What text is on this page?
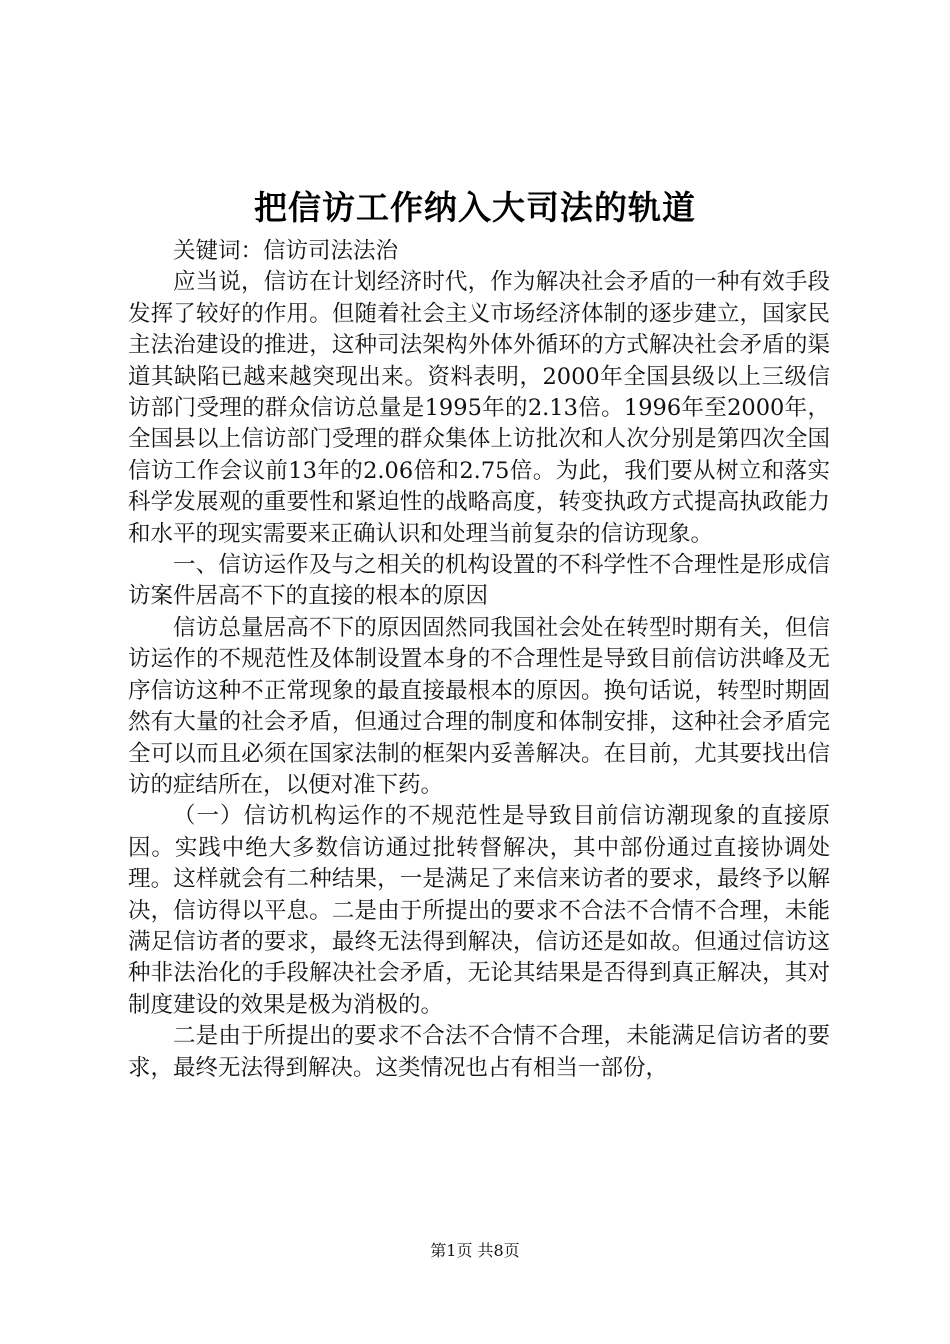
把信访工作纳入大司法的轨道

关键词：信访司法法治

应当说，信访在计划经济时代，作为解决社会矛盾的一种有效手段发挥了较好的作用。但随着社会主义市场经济体制的逐步建立，国家民主法治建设的推进，这种司法架构外体外循环的方式解决社会矛盾的渠道其缺陷已越来越突现出来。资料表明，2000年全国县级以上三级信访部门受理的群众信访总量是1995年的2.13倍。1996年至2000年，全国县以上信访部门受理的群众集体上访批次和人次分别是第四次全国信访工作会议前13年的2.06倍和2.75倍。为此，我们要从树立和落实科学发展观的重要性和紧迫性的战略高度，转变执政方式提高执政能力和水平的现实需要来正确认识和处理当前复杂的信访现象。

一、信访运作及与之相关的机构设置的不科学性不合理性是形成信访案件居高不下的直接的根本的原因

信访总量居高不下的原因固然同我国社会处在转型时期有关，但信访运作的不规范性及体制设置本身的不合理性是导致目前信访洪峰及无序信访这种不正常现象的最直接最根本的原因。换句话说，转型时期固然有大量的社会矛盾，但通过合理的制度和体制安排，这种社会矛盾完全可以而且必须在国家法制的框架内妥善解决。在目前，尤其要找出信访的症结所在，以便对准下药。

（一）信访机构运作的不规范性是导致目前信访潮现象的直接原因。实践中绝大多数信访通过批转督解决，其中部份通过直接协调处理。这样就会有二种结果，一是满足了来信来访者的要求，最终予以解决，信访得以平息。二是由于所提出的要求不合法不合情不合理，未能满足信访者的要求，最终无法得到解决，信访还是如故。但通过信访这种非法治化的手段解决社会矛盾，无论其结果是否得到真正解决，其对制度建设的效果是极为消极的。

二是由于所提出的要求不合法不合情不合理，未能满足信访者的要求，最终无法得到解决。这类情况也占有相当一部份，

第1页 共8页
